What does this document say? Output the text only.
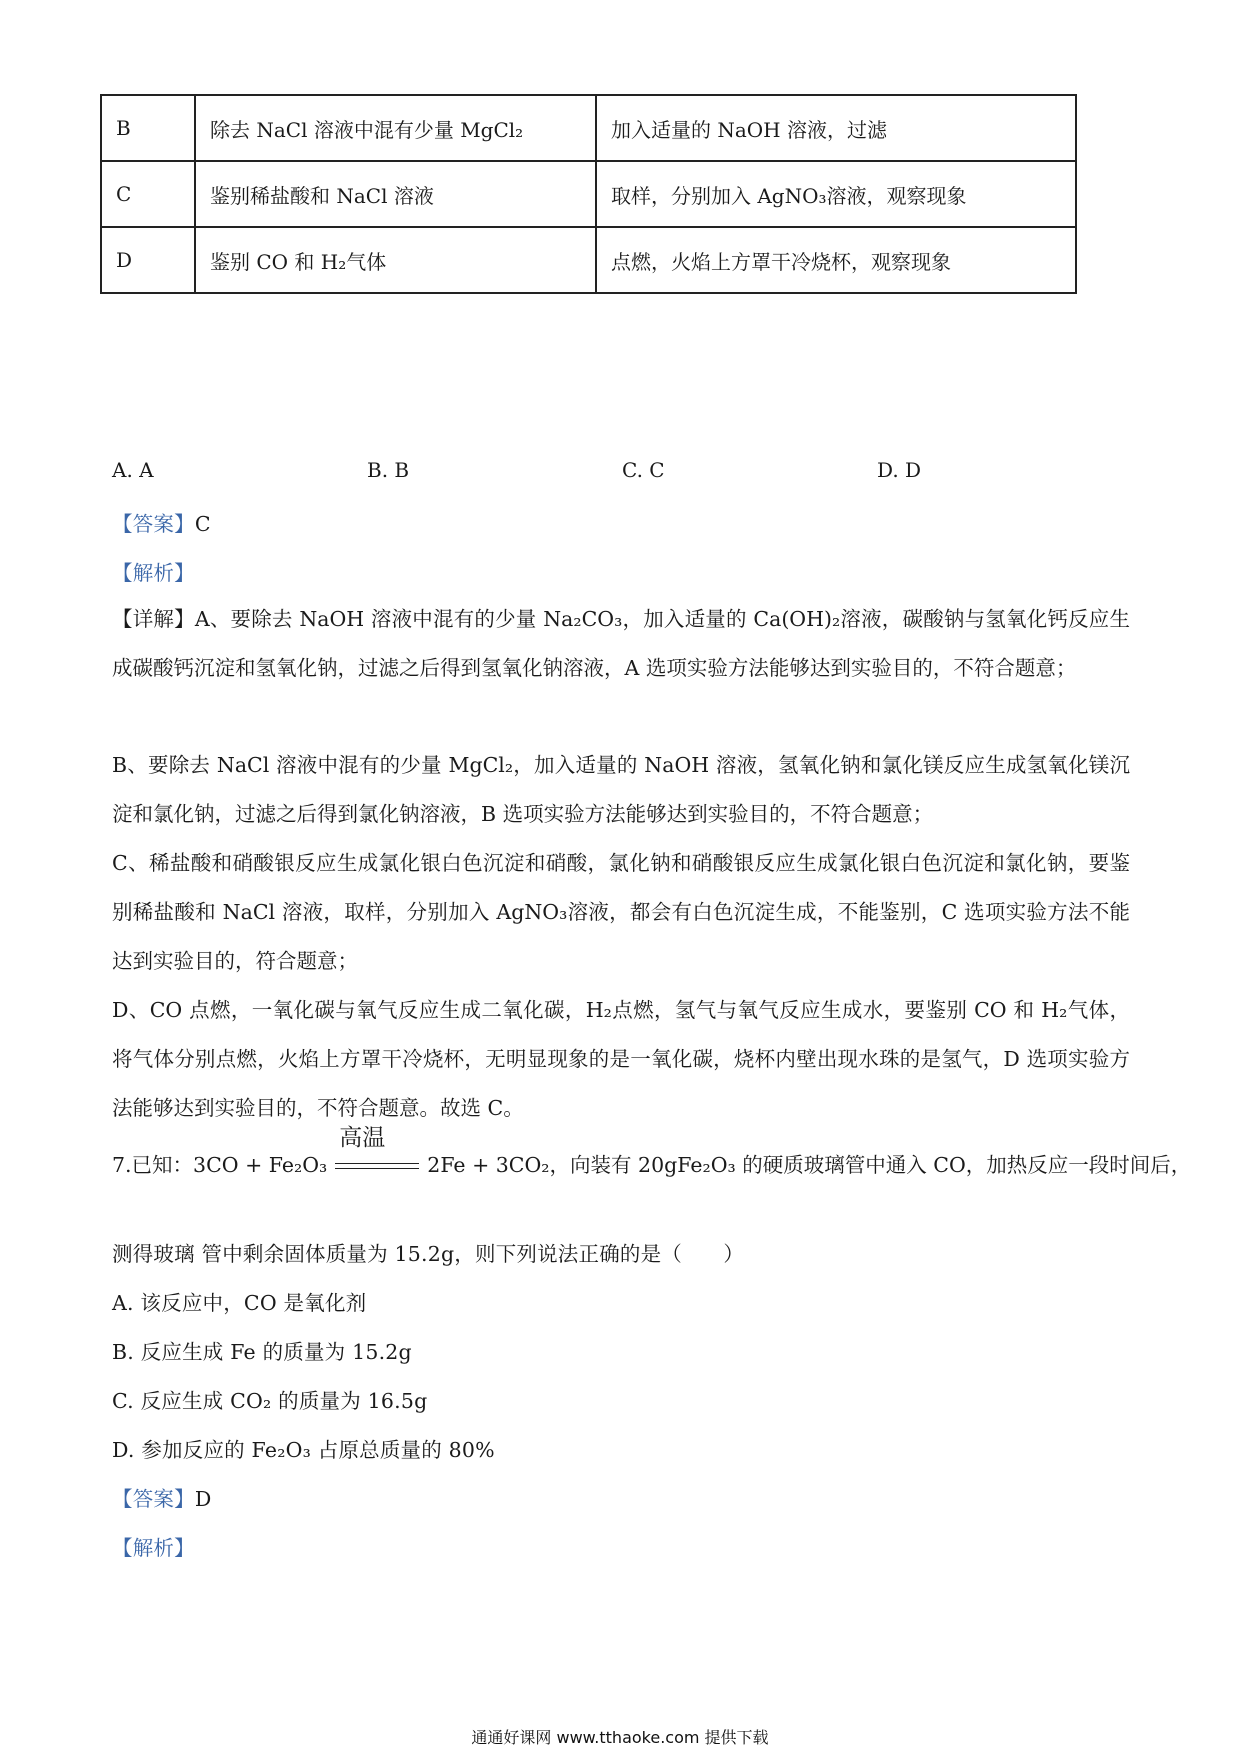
B	除去 NaCl 溶液中混有少量 MgCl₂	加入适量的 NaOH 溶液，过滤
C	鉴别稀盐酸和 NaCl 溶液	取样，分别加入 AgNO₃溶液，观察现象
D	鉴别 CO 和 H₂气体	点燃，火焰上方罩干冷烧杯，观察现象
A. A	B. B	C. C	D. D
【答案】C
【解析】
【详解】A、要除去 NaOH 溶液中混有的少量 Na₂CO₃，加入适量的 Ca(OH)₂溶液，碳酸钠与氢氧化钙反应生成碳酸钙沉淀和氢氧化钠，过滤之后得到氢氧化钠溶液，A 选项实验方法能够达到实验目的，不符合题意；
B、要除去 NaCl 溶液中混有的少量 MgCl₂，加入适量的 NaOH 溶液，氢氧化钠和氯化镁反应生成氢氧化镁沉淀和氯化钠，过滤之后得到氯化钠溶液，B 选项实验方法能够达到实验目的，不符合题意；
C、稀盐酸和硝酸银反应生成氯化银白色沉淀和硝酸，氯化钠和硝酸银反应生成氯化银白色沉淀和氯化钠，要鉴别稀盐酸和 NaCl 溶液，取样，分别加入 AgNO₃溶液，都会有白色沉淀生成，不能鉴别，C 选项实验方法不能达到实验目的，符合题意；
D、CO 点燃，一氧化碳与氧气反应生成二氧化碳，H₂点燃，氢气与氧气反应生成水，要鉴别 CO 和 H₂气体，将气体分别点燃，火焰上方罩干冷烧杯，无明显现象的是一氧化碳，烧杯内壁出现水珠的是氢气，D 选项实验方法能够达到实验目的，不符合题意。故选 C。
7.已知：3CO + Fe₂O₃
高温
2Fe + 3CO₂，向装有 20gFe₂O₃ 的硬质玻璃管中通入 CO，加热反应一段时间后，
测得玻璃 管中剩余固体质量为 15.2g，则下列说法正确的是（　　）
A. 该反应中，CO 是氧化剂
B. 反应生成 Fe 的质量为 15.2g
C. 反应生成 CO₂ 的质量为 16.5g
D. 参加反应的 Fe₂O₃ 占原总质量的 80%
【答案】D
【解析】
通通好课网 www.tthaoke.com 提供下载
